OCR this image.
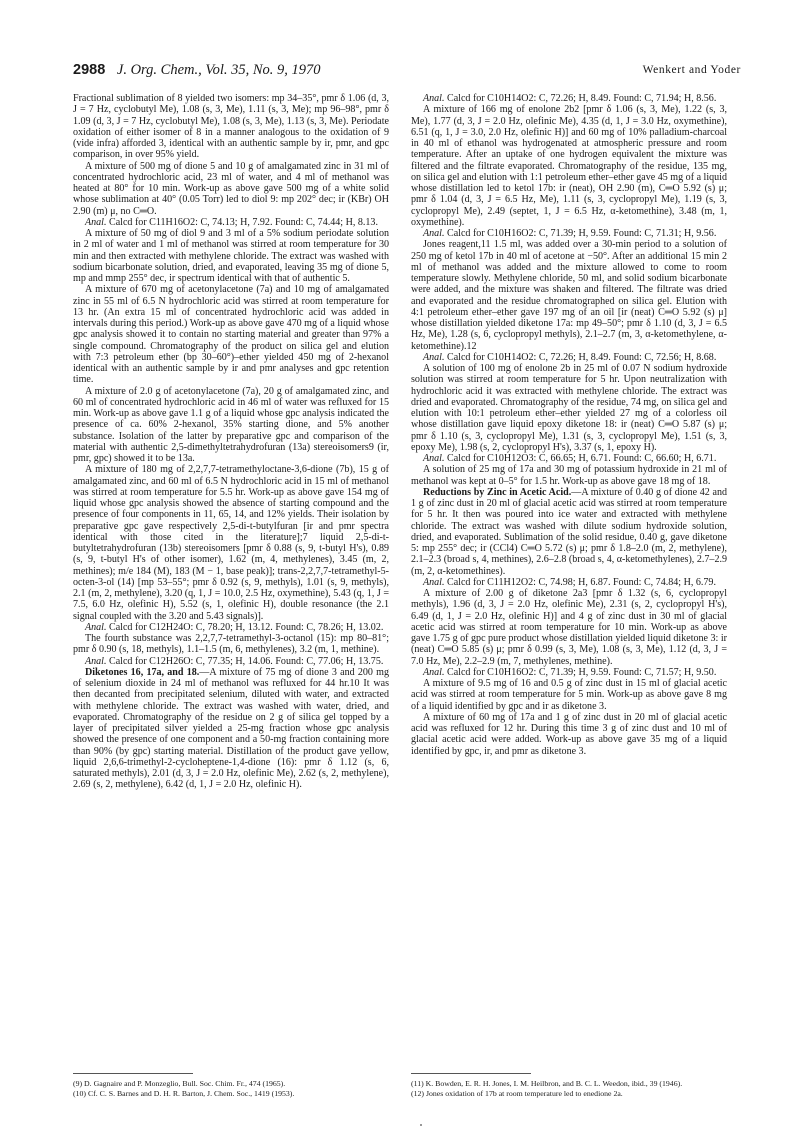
2988 J. Org. Chem., Vol. 35, No. 9, 1970	Wenkert and Yoder

Fractional sublimation of 8 yielded two isomers: mp 34–35°, pmr δ 1.06 (d, 3, J = 7 Hz, cyclobutyl Me), 1.08 (s, 3, Me), 1.11 (s, 3, Me); mp 96–98°, pmr δ 1.09 (d, 3, J = 7 Hz, cyclobutyl Me), 1.08 (s, 3, Me), 1.13 (s, 3, Me). Periodate oxidation of either isomer of 8 in a manner analogous to the oxidation of 9 (vide infra) afforded 3, identical with an authentic sample by ir, pmr, and gpc comparison, in over 95% yield.

A mixture of 500 mg of dione 5 and 10 g of amalgamated zinc in 31 ml of concentrated hydrochloric acid, 23 ml of water, and 4 ml of methanol was heated at 80° for 10 min. Work-up as above gave 500 mg of a white solid whose sublimation at 40° (0.05 Torr) led to diol 9: mp 202° dec; ir (KBr) OH 2.90 (m) μ, no C═O.

Anal. Calcd for C11H16O2: C, 74.13; H, 7.92. Found: C, 74.44; H, 8.13.

A mixture of 50 mg of diol 9 and 3 ml of a 5% sodium periodate solution in 2 ml of water and 1 ml of methanol was stirred at room temperature for 30 min and then extracted with methylene chloride. The extract was washed with sodium bicarbonate solution, dried, and evaporated, leaving 35 mg of dione 5, mp and mmp 255° dec, ir spectrum identical with that of authentic 5.

A mixture of 670 mg of acetonylacetone (7a) and 10 mg of amalgamated zinc in 55 ml of 6.5 N hydrochloric acid was stirred at room temperature for 13 hr. (An extra 15 ml of concentrated hydrochloric acid was added in intervals during this period.) Work-up as above gave 470 mg of a liquid whose gpc analysis showed it to contain no starting material and greater than 97% a single compound. Chromatography of the product on silica gel and elution with 7:3 petroleum ether (bp 30–60°)–ether yielded 450 mg of 2-hexanol identical with an authentic sample by ir and pmr analyses and gpc retention time.

A mixture of 2.0 g of acetonylacetone (7a), 20 g of amalgamated zinc, and 60 ml of concentrated hydrochloric acid in 46 ml of water was refluxed for 15 min. Work-up as above gave 1.1 g of a liquid whose gpc analysis indicated the presence of ca. 60% 2-hexanol, 35% starting dione, and 5% another substance. Isolation of the latter by preparative gpc and comparison of the material with authentic 2,5-dimethyltetrahydrofuran (13a) stereoisomers9 (ir, pmr, gpc) showed it to be 13a.

A mixture of 180 mg of 2,2,7,7-tetramethyloctane-3,6-dione (7b), 15 g of amalgamated zinc, and 60 ml of 6.5 N hydrochloric acid in 15 ml of methanol was stirred at room temperature for 5.5 hr. Work-up as above gave 154 mg of liquid whose gpc analysis showed the absence of starting compound and the presence of four components in 11, 65, 14, and 12% yields. Their isolation by preparative gpc gave respectively 2,5-di-t-butylfuran [ir and pmr spectra identical with those cited in the literature];7 liquid 2,5-di-t-butyltetrahydrofuran (13b) stereoisomers [pmr δ 0.88 (s, 9, t-butyl H's), 0.89 (s, 9, t-butyl H's of other isomer), 1.62 (m, 4, methylenes), 3.45 (m, 2, methines); m/e 184 (M), 183 (M − 1, base peak)]; trans-2,2,7,7-tetramethyl-5-octen-3-ol (14) [mp 53–55°; pmr δ 0.92 (s, 9, methyls), 1.01 (s, 9, methyls), 2.1 (m, 2, methylene), 3.20 (q, 1, J = 10.0, 2.5 Hz, oxymethine), 5.43 (q, 1, J = 7.5, 6.0 Hz, olefinic H), 5.52 (s, 1, olefinic H), double resonance (the 2.1 signal coupled with the 3.20 and 5.43 signals)].

Anal. Calcd for C12H24O: C, 78.20; H, 13.12. Found: C, 78.26; H, 13.02.

The fourth substance was 2,2,7,7-tetramethyl-3-octanol (15): mp 80–81°; pmr δ 0.90 (s, 18, methyls), 1.1–1.5 (m, 6, methylenes), 3.2 (m, 1, methine).

Anal. Calcd for C12H26O: C, 77.35; H, 14.06. Found: C, 77.06; H, 13.75.

Diketones 16, 17a, and 18.—A mixture of 75 mg of dione 3 and 200 mg of selenium dioxide in 24 ml of methanol was refluxed for 44 hr.10 It was then decanted from precipitated selenium, diluted with water, and extracted with methylene chloride. The extract was washed with water, dried, and evaporated. Chromatography of the residue on 2 g of silica gel topped by a layer of precipitated silver yielded a 25-mg fraction whose gpc analysis showed the presence of one component and a 50-mg fraction containing more than 90% (by gpc) starting material. Distillation of the product gave yellow, liquid 2,6,6-trimethyl-2-cycloheptene-1,4-dione (16): pmr δ 1.12 (s, 6, saturated methyls), 2.01 (d, 3, J = 2.0 Hz, olefinic Me), 2.62 (s, 2, methylene), 2.69 (s, 2, methylene), 6.42 (d, 1, J = 2.0 Hz, olefinic H).

Anal. Calcd for C10H14O2: C, 72.26; H, 8.49. Found: C, 71.94; H, 8.56.

A mixture of 166 mg of enolone 2b2 [pmr δ 1.06 (s, 3, Me), 1.22 (s, 3, Me), 1.77 (d, 3, J = 2.0 Hz, olefinic Me), 4.35 (d, 1, J = 3.0 Hz, oxymethine), 6.51 (q, 1, J = 3.0, 2.0 Hz, olefinic H)] and 60 mg of 10% palladium-charcoal in 40 ml of ethanol was hydrogenated at atmospheric pressure and room temperature. After an uptake of one hydrogen equivalent the mixture was filtered and the filtrate evaporated. Chromatography of the residue, 135 mg, on silica gel and elution with 1:1 petroleum ether–ether gave 45 mg of a liquid whose distillation led to ketol 17b: ir (neat), OH 2.90 (m), C═O 5.92 (s) μ; pmr δ 1.04 (d, 3, J = 6.5 Hz, Me), 1.11 (s, 3, cyclopropyl Me), 1.19 (s, 3, cyclopropyl Me), 2.49 (septet, 1, J = 6.5 Hz, α-ketomethine), 3.48 (m, 1, oxymethine).

Anal. Calcd for C10H16O2: C, 71.39; H, 9.59. Found: C, 71.31; H, 9.56.

Jones reagent,11 1.5 ml, was added over a 30-min period to a solution of 250 mg of ketol 17b in 40 ml of acetone at −50°. After an additional 15 min 2 ml of methanol was added and the mixture allowed to come to room temperature slowly. Methylene chloride, 50 ml, and solid sodium bicarbonate were added, and the mixture was shaken and filtered. The filtrate was dried and evaporated and the residue chromatographed on silica gel. Elution with 4:1 petroleum ether–ether gave 197 mg of an oil [ir (neat) C═O 5.92 (s) μ] whose distillation yielded diketone 17a: mp 49–50°; pmr δ 1.10 (d, 3, J = 6.5 Hz, Me), 1.28 (s, 6, cyclopropyl methyls), 2.1–2.7 (m, 3, α-ketomethylene, α-ketomethine).12

Anal. Calcd for C10H14O2: C, 72.26; H, 8.49. Found: C, 72.56; H, 8.68.

A solution of 100 mg of enolone 2b in 25 ml of 0.07 N sodium hydroxide solution was stirred at room temperature for 5 hr. Upon neutralization with hydrochloric acid it was extracted with methylene chloride. The extract was dried and evaporated. Chromatography of the residue, 74 mg, on silica gel and elution with 10:1 petroleum ether–ether yielded 27 mg of a colorless oil whose distillation gave liquid epoxy diketone 18: ir (neat) C═O 5.87 (s) μ; pmr δ 1.10 (s, 3, cyclopropyl Me), 1.31 (s, 3, cyclopropyl Me), 1.51 (s, 3, epoxy Me), 1.98 (s, 2, cyclopropyl H's), 3.37 (s, 1, epoxy H).

Anal. Calcd for C10H12O3: C, 66.65; H, 6.71. Found: C, 66.60; H, 6.71.

A solution of 25 mg of 17a and 30 mg of potassium hydroxide in 21 ml of methanol was kept at 0–5° for 1.5 hr. Work-up as above gave 18 mg of 18.

Reductions by Zinc in Acetic Acid.—A mixture of 0.40 g of dione 42 and 1 g of zinc dust in 20 ml of glacial acetic acid was stirred at room temperature for 5 hr. It then was poured into ice water and extracted with methylene chloride. The extract was washed with dilute sodium hydroxide solution, dried, and evaporated. Sublimation of the solid residue, 0.40 g, gave diketone 5: mp 255° dec; ir (CCl4) C═O 5.72 (s) μ; pmr δ 1.8–2.0 (m, 2, methylene), 2.1–2.3 (broad s, 4, methines), 2.6–2.8 (broad s, 4, α-ketomethylenes), 2.7–2.9 (m, 2, α-ketomethines).

Anal. Calcd for C11H12O2: C, 74.98; H, 6.87. Found: C, 74.84; H, 6.79.

A mixture of 2.00 g of diketone 2a3 [pmr δ 1.32 (s, 6, cyclopropyl methyls), 1.96 (d, 3, J = 2.0 Hz, olefinic Me), 2.31 (s, 2, cyclopropyl H's), 6.49 (d, 1, J = 2.0 Hz, olefinic H)] and 4 g of zinc dust in 30 ml of glacial acetic acid was stirred at room temperature for 10 min. Work-up as above gave 1.75 g of gpc pure product whose distillation yielded liquid diketone 3: ir (neat) C═O 5.85 (s) μ; pmr δ 0.99 (s, 3, Me), 1.08 (s, 3, Me), 1.12 (d, 3, J = 7.0 Hz, Me), 2.2–2.9 (m, 7, methylenes, methine).

Anal. Calcd for C10H16O2: C, 71.39; H, 9.59. Found: C, 71.57; H, 9.50.

A mixture of 9.5 mg of 16 and 0.5 g of zinc dust in 15 ml of glacial acetic acid was stirred at room temperature for 5 min. Work-up as above gave 8 mg of a liquid identified by gpc and ir as diketone 3.

A mixture of 60 mg of 17a and 1 g of zinc dust in 20 ml of glacial acetic acid was refluxed for 12 hr. During this time 3 g of zinc dust and 10 ml of glacial acetic acid were added. Work-up as above gave 35 mg of a liquid identified by gpc, ir, and pmr as diketone 3.

(9) D. Gagnaire and P. Monzeglio, Bull. Soc. Chim. Fr., 474 (1965).
(10) Cf. C. S. Barnes and D. H. R. Barton, J. Chem. Soc., 1419 (1953).
(11) K. Bowden, E. R. H. Jones, I. M. Heilbron, and B. C. L. Weedon, ibid., 39 (1946).
(12) Jones oxidation of 17b at room temperature led to enedione 2a.
